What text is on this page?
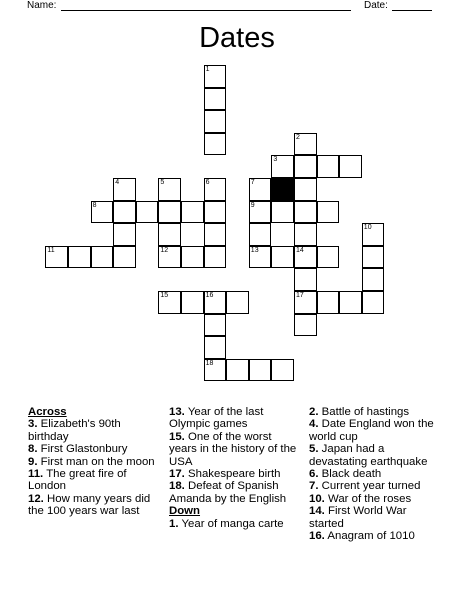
Name:	Date:
Dates
1
2
3
4	5	6	7
8	9
10
11	12	13	14
15	16	17
18
Across
3. Elizabeth's 90th birthday
8. First Glastonbury
9. First man on the moon
11. The great fire of London
12. How many years did the 100 years war last
13. Year of the last Olympic games
15. One of the worst years in the history of the USA
17. Shakespeare birth
18. Defeat of Spanish Amanda by the English
Down
1. Year of manga carte
2. Battle of hastings
4. Date England won the world cup
5. Japan had a devastating earthquake
6. Black death
7. Current year turned
10. War of the roses
14. First World War started
16. Anagram of 1010
